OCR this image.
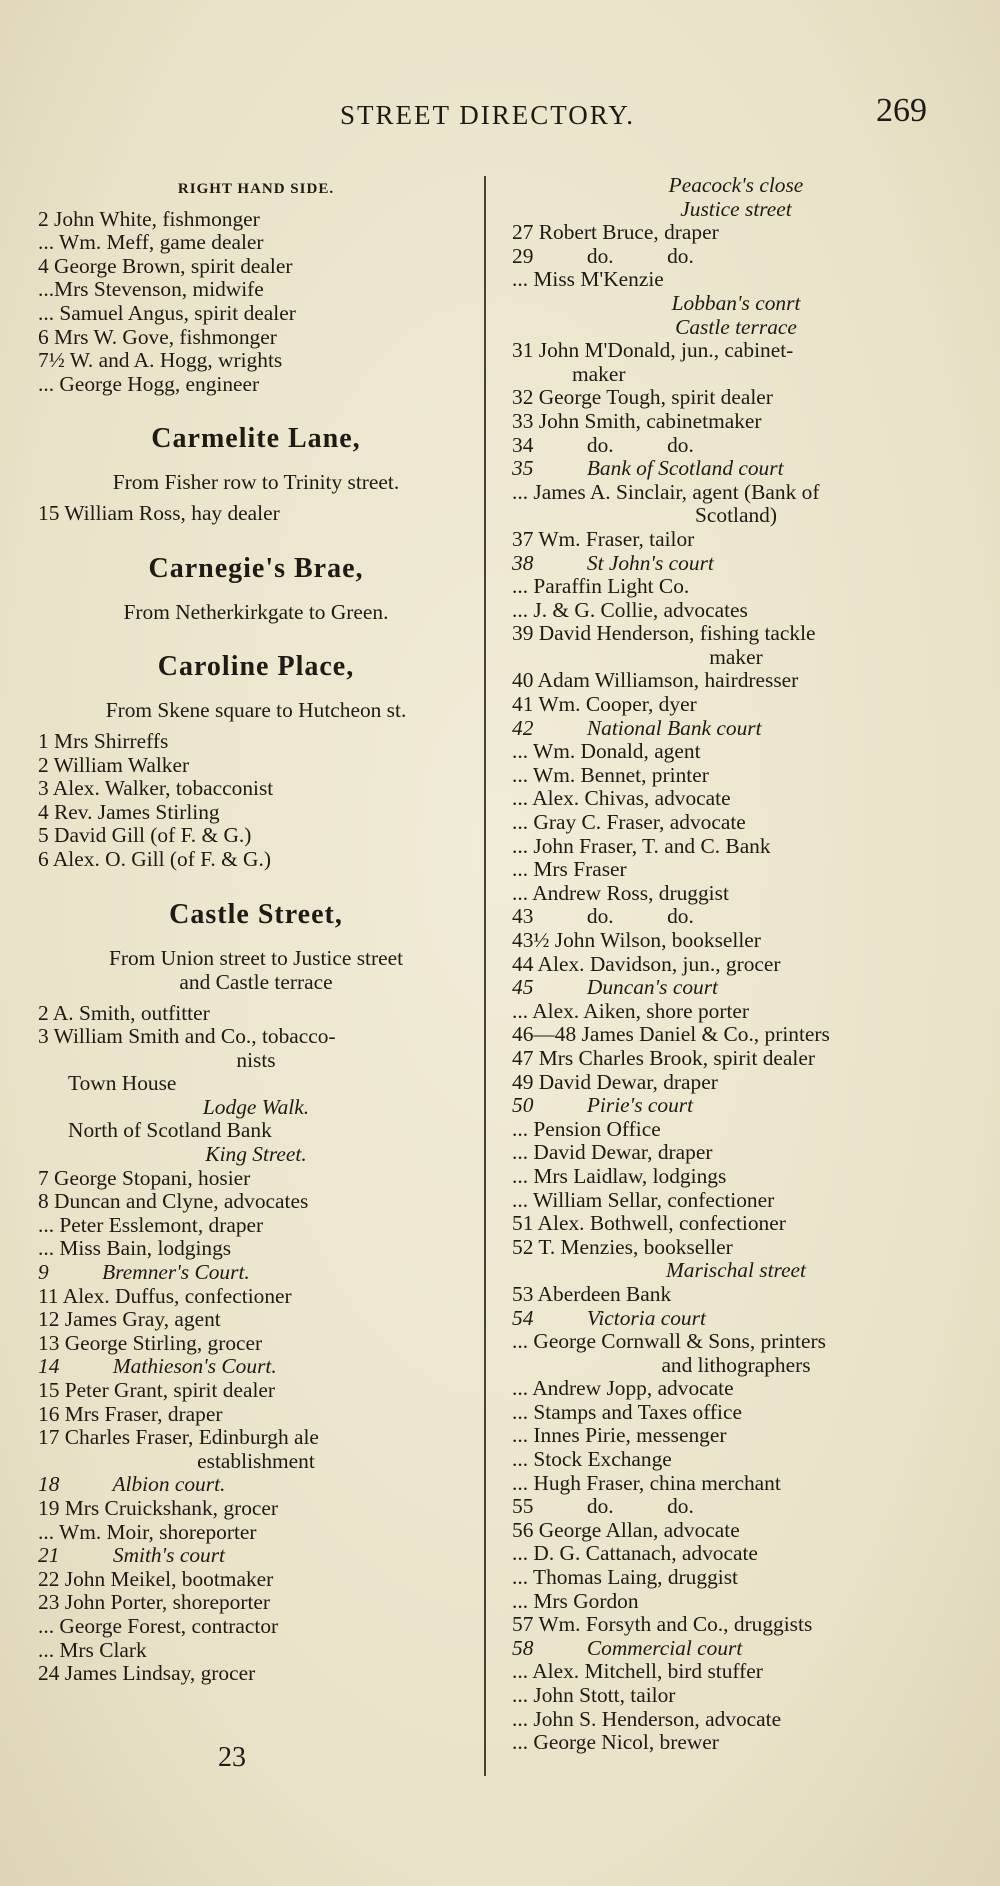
STREET DIRECTORY.	269
RIGHT HAND SIDE.
2 John White, fishmonger
... Wm. Meff, game dealer
4 George Brown, spirit dealer
...Mrs Stevenson, midwife
... Samuel Angus, spirit dealer
6 Mrs W. Gove, fishmonger
7½ W. and A. Hogg, wrights
... George Hogg, engineer
Carmelite Lane,
From Fisher row to Trinity street.
15 William Ross, hay dealer
Carnegie's Brae,
From Netherkirkgate to Green.
Caroline Place,
From Skene square to Hutcheon st.
1 Mrs Shirreffs
2 William Walker
3 Alex. Walker, tobacconist
4 Rev. James Stirling
5 David Gill (of F. & G.)
6 Alex. O. Gill (of F. & G.)
Castle Street,
From Union street to Justice street
and Castle terrace
2 A. Smith, outfitter
3 William Smith and Co., tobacco-
nists
Town House
Lodge Walk.
North of Scotland Bank
King Street.
7 George Stopani, hosier
8 Duncan and Clyne, advocates
... Peter Esslemont, draper
... Miss Bain, lodgings
9          Bremner's Court.
11 Alex. Duffus, confectioner
12 James Gray, agent
13 George Stirling, grocer
14          Mathieson's Court.
15 Peter Grant, spirit dealer
16 Mrs Fraser, draper
17 Charles Fraser, Edinburgh ale
establishment
18          Albion court.
19 Mrs Cruickshank, grocer
... Wm. Moir, shoreporter
21          Smith's court
22 John Meikel, bootmaker
23 John Porter, shoreporter
... George Forest, contractor
... Mrs Clark
24 James Lindsay, grocer
Peacock's close
Justice street
27 Robert Bruce, draper
29          do.          do.
... Miss M'Kenzie
Lobban's conrt
Castle terrace
31 John M'Donald, jun., cabinet-
maker
32 George Tough, spirit dealer
33 John Smith, cabinetmaker
34          do.          do.
35          Bank of Scotland court
... James A. Sinclair, agent (Bank of
Scotland)
37 Wm. Fraser, tailor
38          St John's court
... Paraffin Light Co.
... J. & G. Collie, advocates
39 David Henderson, fishing tackle
maker
40 Adam Williamson, hairdresser
41 Wm. Cooper, dyer
42          National Bank court
... Wm. Donald, agent
... Wm. Bennet, printer
... Alex. Chivas, advocate
... Gray C. Fraser, advocate
... John Fraser, T. and C. Bank
... Mrs Fraser
... Andrew Ross, druggist
43          do.          do.
43½ John Wilson, bookseller
44 Alex. Davidson, jun., grocer
45          Duncan's court
... Alex. Aiken, shore porter
46—48 James Daniel & Co., printers
47 Mrs Charles Brook, spirit dealer
49 David Dewar, draper
50          Pirie's court
... Pension Office
... David Dewar, draper
... Mrs Laidlaw, lodgings
... William Sellar, confectioner
51 Alex. Bothwell, confectioner
52 T. Menzies, bookseller
Marischal street
53 Aberdeen Bank
54          Victoria court
... George Cornwall & Sons, printers
and lithographers
... Andrew Jopp, advocate
... Stamps and Taxes office
... Innes Pirie, messenger
... Stock Exchange
... Hugh Fraser, china merchant
55          do.          do.
56 George Allan, advocate
... D. G. Cattanach, advocate
... Thomas Laing, druggist
... Mrs Gordon
57 Wm. Forsyth and Co., druggists
58          Commercial court
... Alex. Mitchell, bird stuffer
... John Stott, tailor
... John S. Henderson, advocate
... George Nicol, brewer
23
